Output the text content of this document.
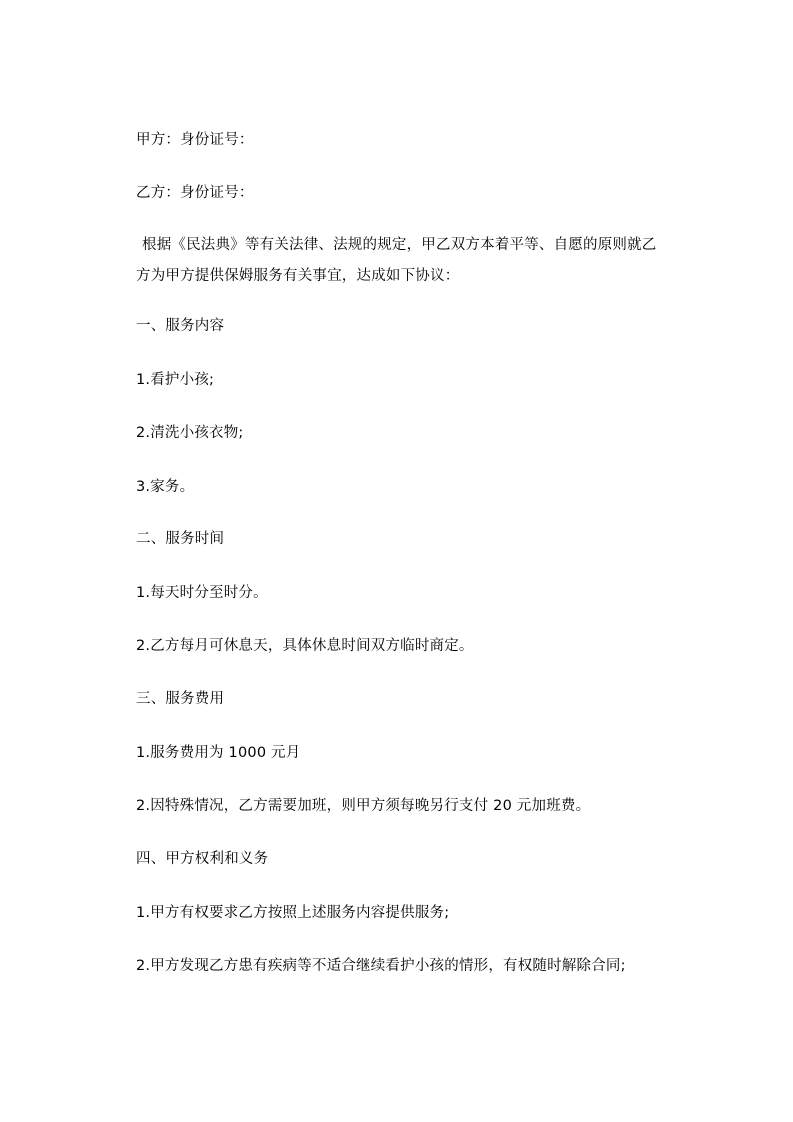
甲方：身份证号：
乙方：身份证号：
根据《民法典》等有关法律、法规的规定，甲乙双方本着平等、自愿的原则就乙
方为甲方提供保姆服务有关事宜，达成如下协议：
一、服务内容
1.看护小孩;
2.清洗小孩衣物;
3.家务。
二、服务时间
1.每天时分至时分。
2.乙方每月可休息天，具体休息时间双方临时商定。
三、服务费用
1.服务费用为 1000 元月
2.因特殊情况，乙方需要加班，则甲方须每晚另行支付 20 元加班费。
四、甲方权利和义务
1.甲方有权要求乙方按照上述服务内容提供服务;
2.甲方发现乙方患有疾病等不适合继续看护小孩的情形，有权随时解除合同;
